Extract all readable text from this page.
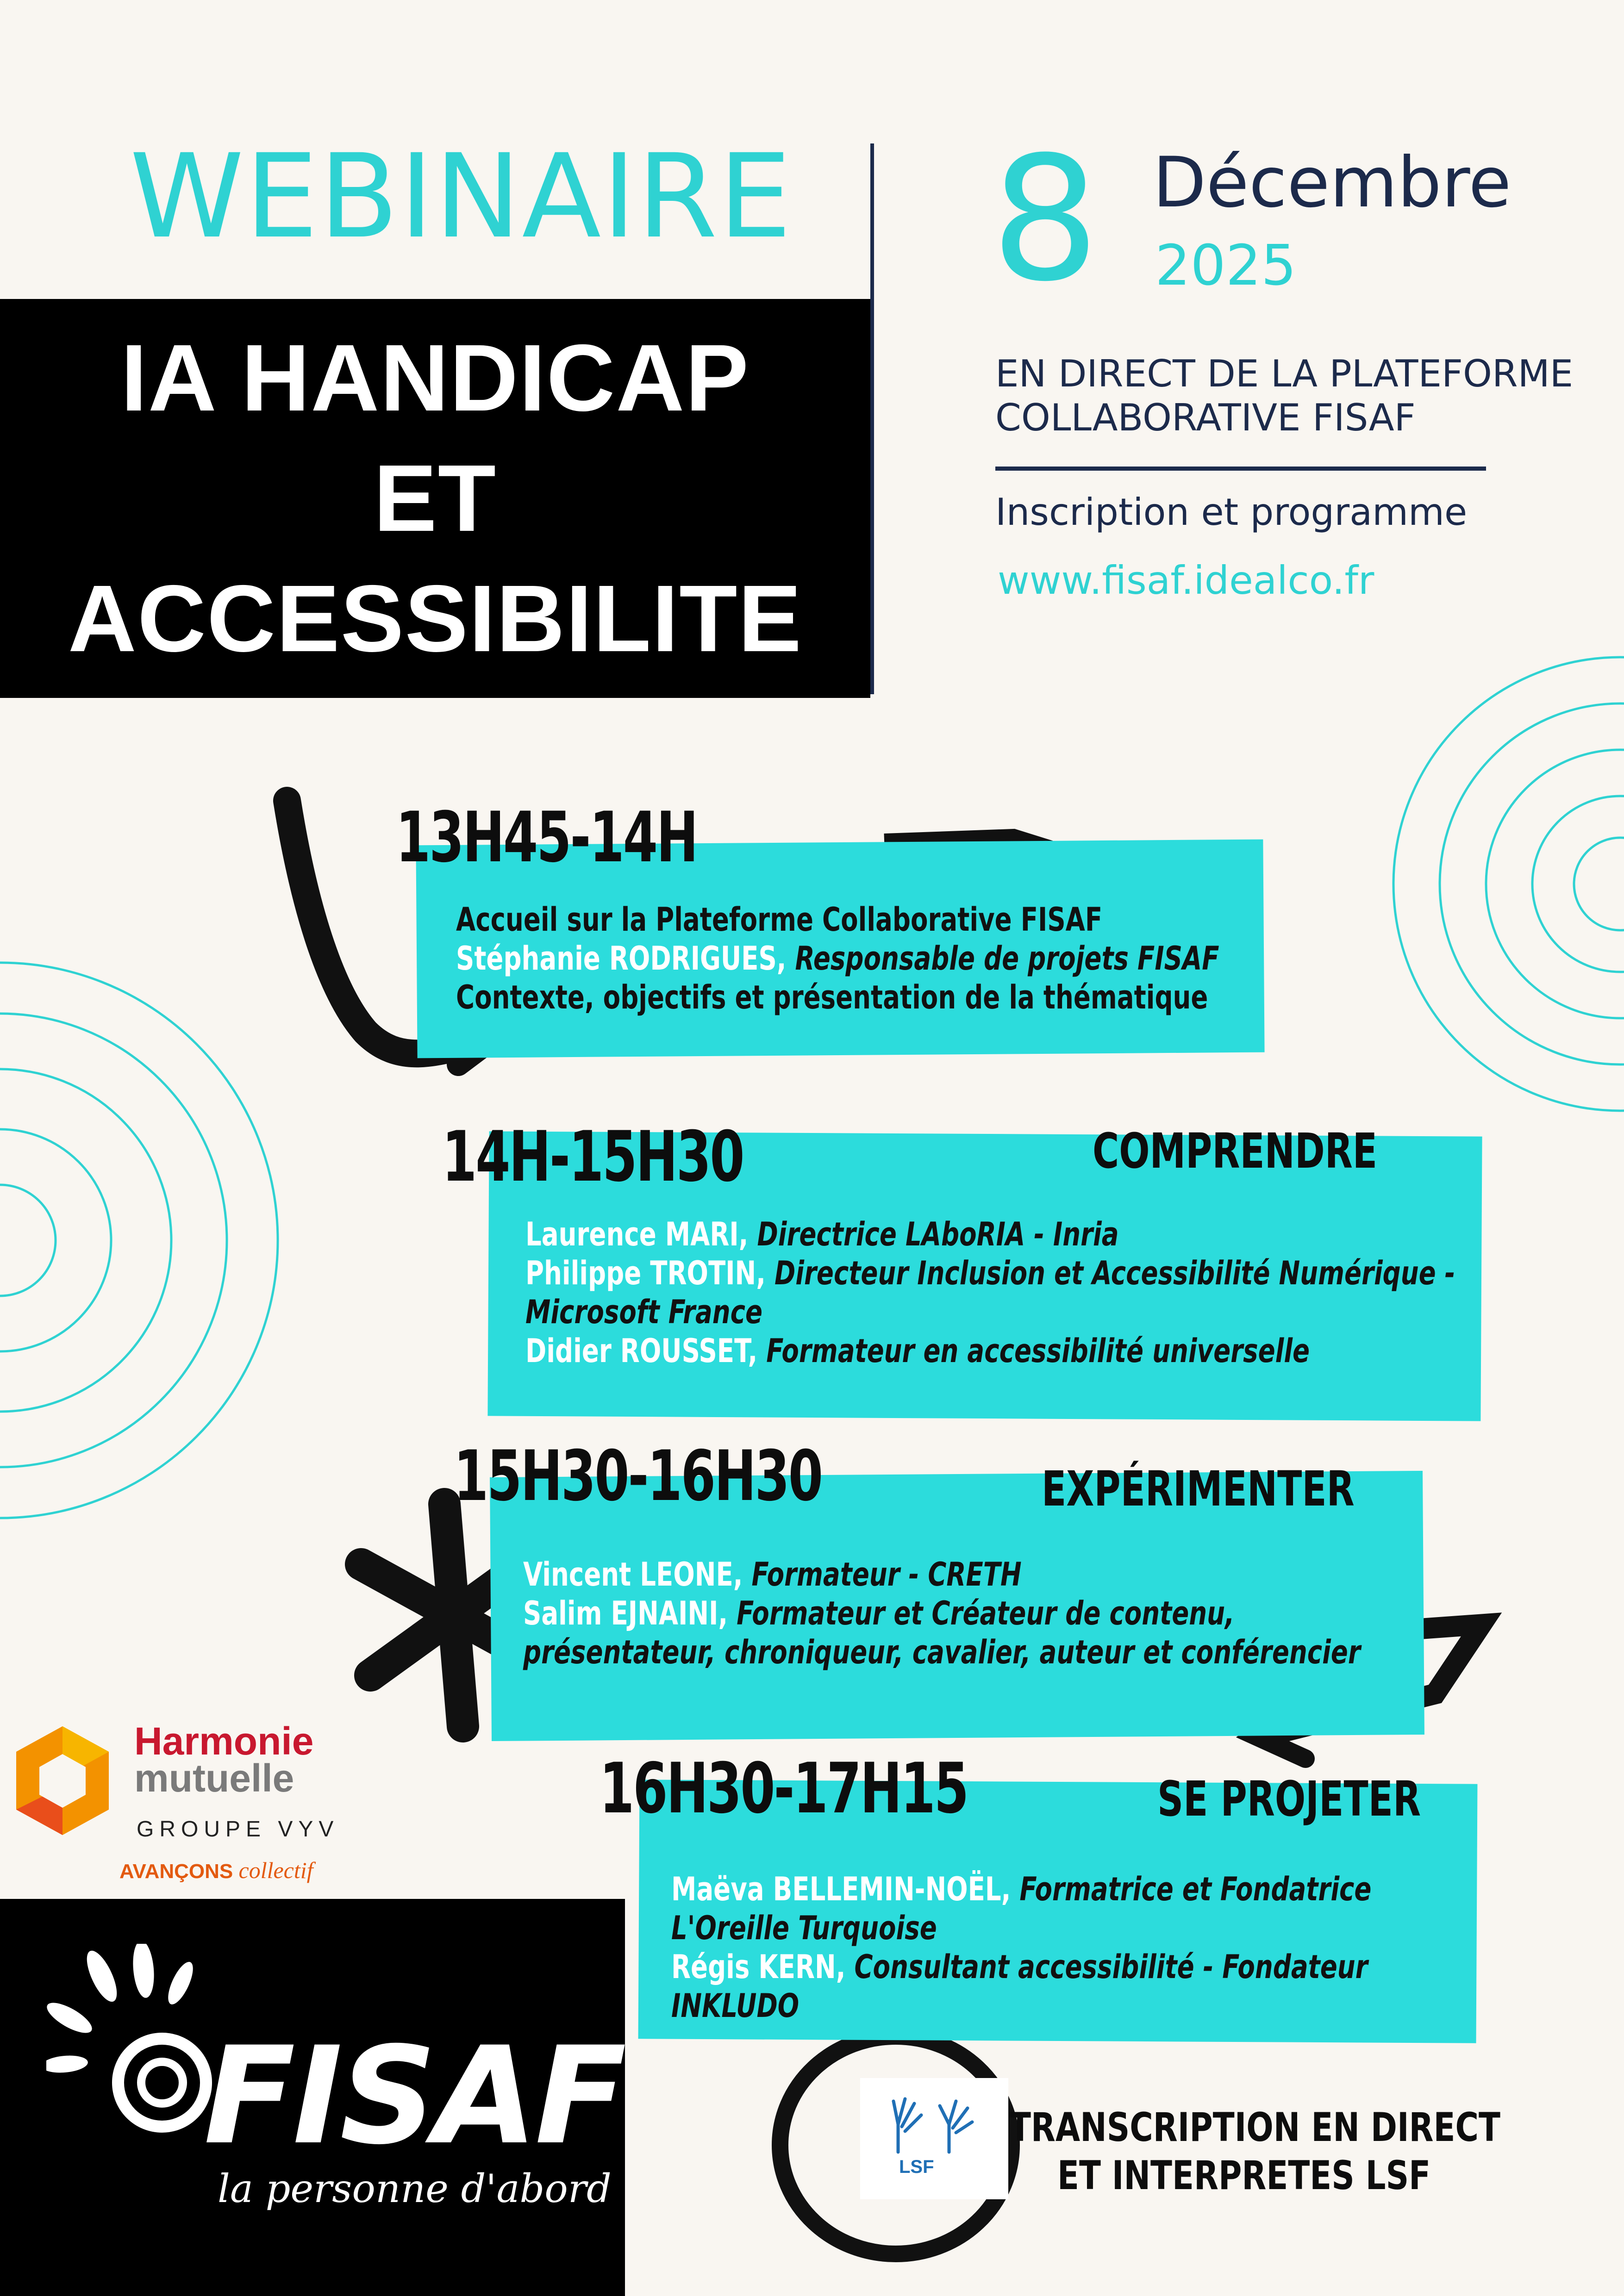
WEBINAIRE
IA HANDICAP
ET
ACCESSIBILITE
8 Décembre
2025
EN DIRECT DE LA PLATEFORME
COLLABORATIVE FISAF
Inscription et programme
www.fisaf.idealco.fr
13H45-14H
Accueil sur la Plateforme Collaborative FISAF
Stéphanie RODRIGUES, Responsable de projets FISAF
Contexte, objectifs et présentation de la thématique
14H-15H30	COMPRENDRE
Laurence MARI, Directrice LAboRIA - Inria
Philippe TROTIN, Directeur Inclusion et Accessibilité Numérique -
Microsoft France
Didier ROUSSET, Formateur en accessibilité universelle
15H30-16H30	EXPÉRIMENTER
Vincent LEONE, Formateur - CRETH
Salim EJNAINI, Formateur et Créateur de contenu,
présentateur, chroniqueur, cavalier, auteur et conférencier
16H30-17H15	SE PROJETER
Maëva BELLEMIN-NOËL, Formatrice et Fondatrice
L'Oreille Turquoise
Régis KERN, Consultant accessibilité - Fondateur
INKLUDO
Harmonie
mutuelle
GROUPE VYV
AVANÇONS collectif
FISAF
la personne d'abord	LSF
TRANSCRIPTION EN DIRECT
ET INTERPRETES LSF
